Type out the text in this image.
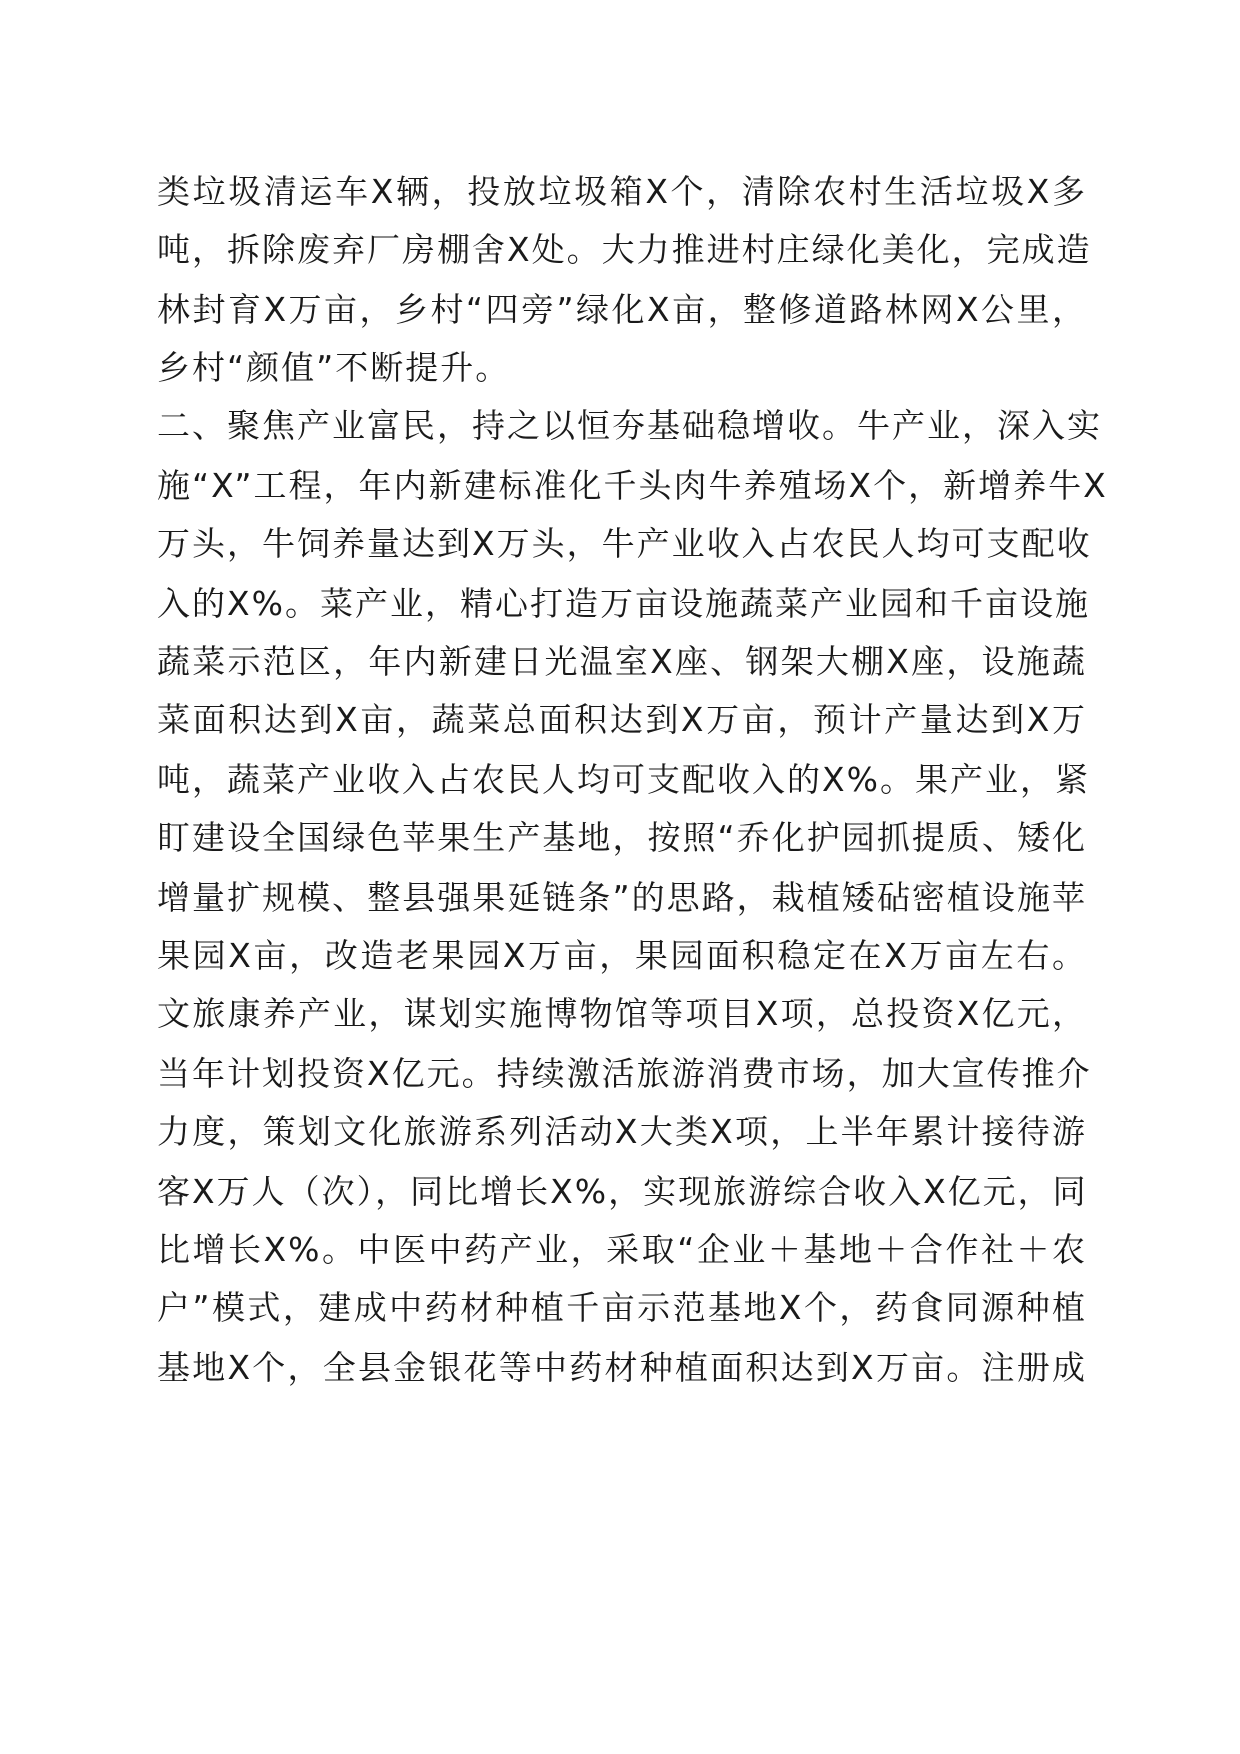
类垃圾清运车X辆，投放垃圾箱X个，清除农村生活垃圾X多
吨，拆除废弃厂房棚舍X处。大力推进村庄绿化美化，完成造
林封育X万亩，乡村“四旁”绿化X亩，整修道路林网X公里，
乡村“颜值”不断提升。
二、聚焦产业富民，持之以恒夯基础稳增收。牛产业，深入实
施“X”工程，年内新建标准化千头肉牛养殖场X个，新增养牛X
万头，牛饲养量达到X万头，牛产业收入占农民人均可支配收
入的X%。菜产业，精心打造万亩设施蔬菜产业园和千亩设施
蔬菜示范区，年内新建日光温室X座、钢架大棚X座，设施蔬
菜面积达到X亩，蔬菜总面积达到X万亩，预计产量达到X万
吨，蔬菜产业收入占农民人均可支配收入的X%。果产业，紧
盯建设全国绿色苹果生产基地，按照“乔化护园抓提质、矮化
增量扩规模、整县强果延链条”的思路，栽植矮砧密植设施苹
果园X亩，改造老果园X万亩，果园面积稳定在X万亩左右。
文旅康养产业，谋划实施博物馆等项目X项，总投资X亿元，
当年计划投资X亿元。持续激活旅游消费市场，加大宣传推介
力度，策划文化旅游系列活动X大类X项，上半年累计接待游
客X万人（次），同比增长X%，实现旅游综合收入X亿元，同
比增长X%。中医中药产业，采取“企业＋基地＋合作社＋农
户”模式，建成中药材种植千亩示范基地X个，药食同源种植
基地X个，全县金银花等中药材种植面积达到X万亩。注册成
